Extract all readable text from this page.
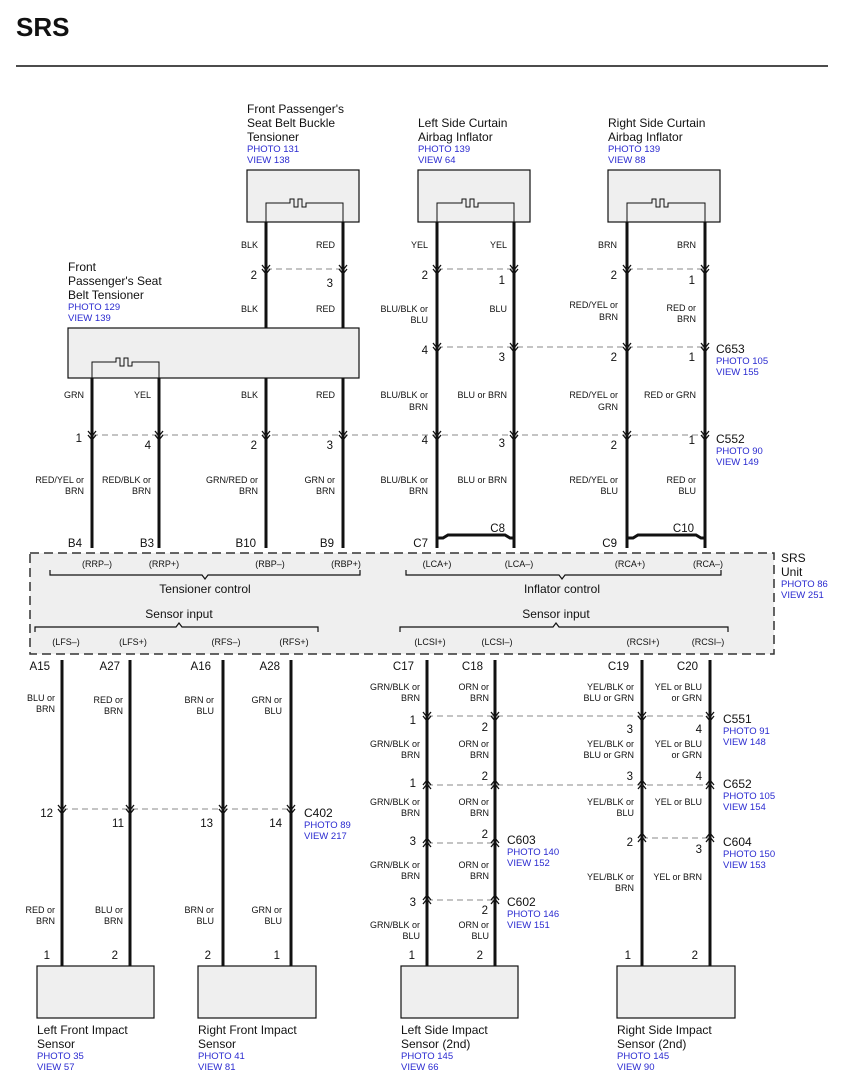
SRS
Front Passenger's
Seat Belt Buckle
Tensioner
PHOTO 131
VIEW 138
Left Side Curtain
Airbag Inflator
PHOTO 139
VIEW 64
Right Side Curtain
Airbag Inflator
PHOTO 139
VIEW 88
Front
Passenger's Seat
Belt Tensioner
PHOTO 129
VIEW 139
BLK	RED	YEL	YEL	BRN	BRN
BLK	RED	BLU/BLK or
BLU
BLU	RED/YEL or
BRN
RED or
BRN
GRN	YEL	BLK	RED	BLU/BLK or
BRN
BLU or BRN	RED/YEL or
GRN
RED or GRN
RED/YEL or
BRN
RED/BLK or
BRN
GRN/RED or
BRN
GRN or
BRN
BLU/BLK or
BRN
BLU or BRN	RED/YEL or
BLU
RED or
BLU
2
3
2	1	2	1
4
3	2	1
1
4	2	3	4	3	2	1
C653
PHOTO 105
VIEW 155
C552
PHOTO 90
VIEW 149
SRS
Unit
PHOTO 86
VIEW 251
B4	B3	B10	B9	C7
C8
C9
C10
(RRP–)	(RRP+)	(RBP–)	(RBP+)	(LCA+)	(LCA–)	(RCA+)	(RCA–)
Tensioner control	Inflator control
Sensor input	Sensor input
(LFS–)	(LFS+)	(RFS–)	(RFS+)	(LCSI+)	(LCSI–)	(RCSI+)	(RCSI–)
A15	A27	A16	A28	C17	C18	C19	C20
BLU or
BRN
RED or
BRN
BRN or
BLU
GRN or
BLU
RED or
BRN
BLU or
BRN
BRN or
BLU
GRN or
BLU
GRN/BLK or
BRN
ORN or
BRN
GRN/BLK or
BRN
ORN or
BRN
GRN/BLK or
BRN
ORN or
BRN
GRN/BLK or
BRN
ORN or
BRN
GRN/BLK or
BLU
ORN or
BLU
YEL/BLK or
BLU or GRN
YEL or BLU
or GRN
YEL/BLK or
BLU or GRN
YEL or BLU
or GRN
YEL/BLK or
BLU
YEL or BLU
YEL/BLK or
BRN
YEL or BRN
12
11	13	14
1
2	3	4
1
2	3	4
3
2
2
3
3
2
1	2	2	1	1	2	1	2
C402
PHOTO 89
VIEW 217
C551
PHOTO 91
VIEW 148
C652
PHOTO 105
VIEW 154
C603
PHOTO 140
VIEW 152
C604
PHOTO 150
VIEW 153
C602
PHOTO 146
VIEW 151
Left Front Impact
Sensor
PHOTO 35
VIEW 57
Right Front Impact
Sensor
PHOTO 41
VIEW 81
Left Side Impact
Sensor (2nd)
PHOTO 145
VIEW 66
Right Side Impact
Sensor (2nd)
PHOTO 145
VIEW 90
